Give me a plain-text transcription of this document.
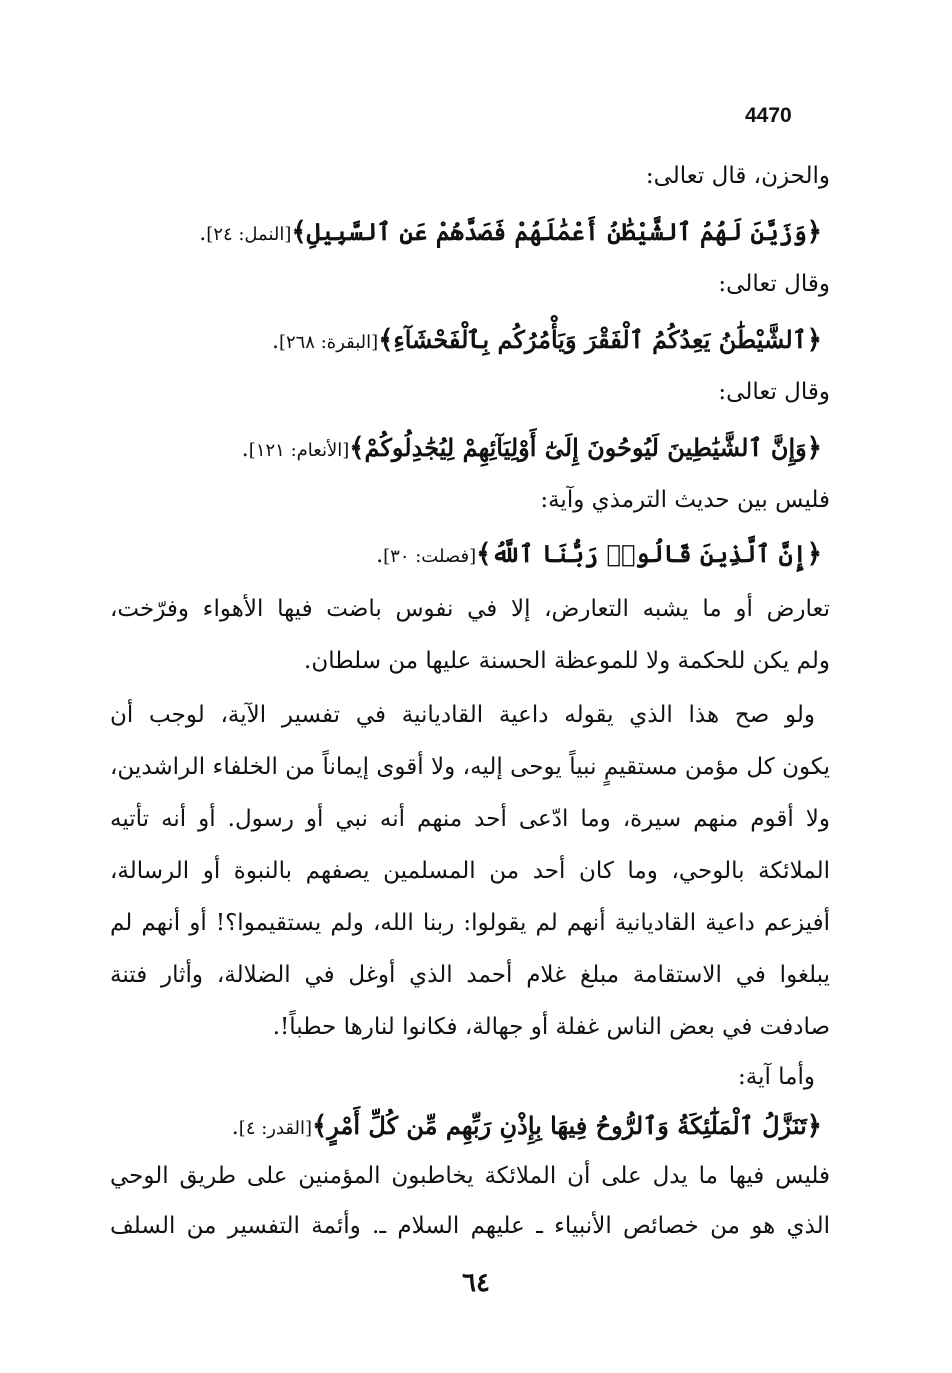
4470
والحزن، قال تعالى:
﴿وَزَيَّنَ لَهُمُ ٱلشَّيْطَٰنُ أَعْمَٰلَهُمْ فَصَدَّهُمْ عَنِ ٱلسَّبِيلِ﴾[النمل: ٢٤].
وقال تعالى:
﴿ٱلشَّيْطَٰنُ يَعِدُكُمُ ٱلْفَقْرَ وَيَأْمُرُكُم بِٱلْفَحْشَآءِ﴾[البقرة: ٢٦٨].
وقال تعالى:
﴿وَإِنَّ ٱلشَّيَٰطِينَ لَيُوحُونَ إِلَىٰٓ أَوْلِيَآئِهِمْ لِيُجَٰدِلُوكُمْ﴾[الأنعام: ١٢١].
فليس بين حديث الترمذي وآية:
﴿إِنَّ ٱلَّذِينَ قَالُوا۟ رَبُّنَا ٱللَّهُ﴾[فصلت: ٣٠].
تعارض أو ما يشبه التعارض، إلا في نفوس باضت فيها الأهواء وفرّخت،
ولم يكن للحكمة ولا للموعظة الحسنة عليها من سلطان.
ولو صح هذا الذي يقوله داعية القاديانية في تفسير الآية، لوجب أن
يكون كل مؤمن مستقيمٍ نبياً يوحى إليه، ولا أقوى إيماناً من الخلفاء الراشدين،
ولا أقوم منهم سيرة، وما ادّعى أحد منهم أنه نبي أو رسول. أو أنه تأتيه
الملائكة بالوحي، وما كان أحد من المسلمين يصفهم بالنبوة أو الرسالة،
أفيزعم داعية القاديانية أنهم لم يقولوا: ربنا الله، ولم يستقيموا؟! أو أنهم لم
يبلغوا في الاستقامة مبلغ غلام أحمد الذي أوغل في الضلالة، وأثار فتنة
صادفت في بعض الناس غفلة أو جهالة، فكانوا لنارها حطباً!.
وأما آية:
﴿تَنَزَّلُ ٱلْمَلَٰٓئِكَةُ وَٱلرُّوحُ فِيهَا بِإِذْنِ رَبِّهِم مِّن كُلِّ أَمْرٍ﴾[القدر: ٤].
فليس فيها ما يدل على أن الملائكة يخاطبون المؤمنين على طريق الوحي
الذي هو من خصائص الأنبياء ـ عليهم السلام ـ. وأئمة التفسير من السلف
٦٤
